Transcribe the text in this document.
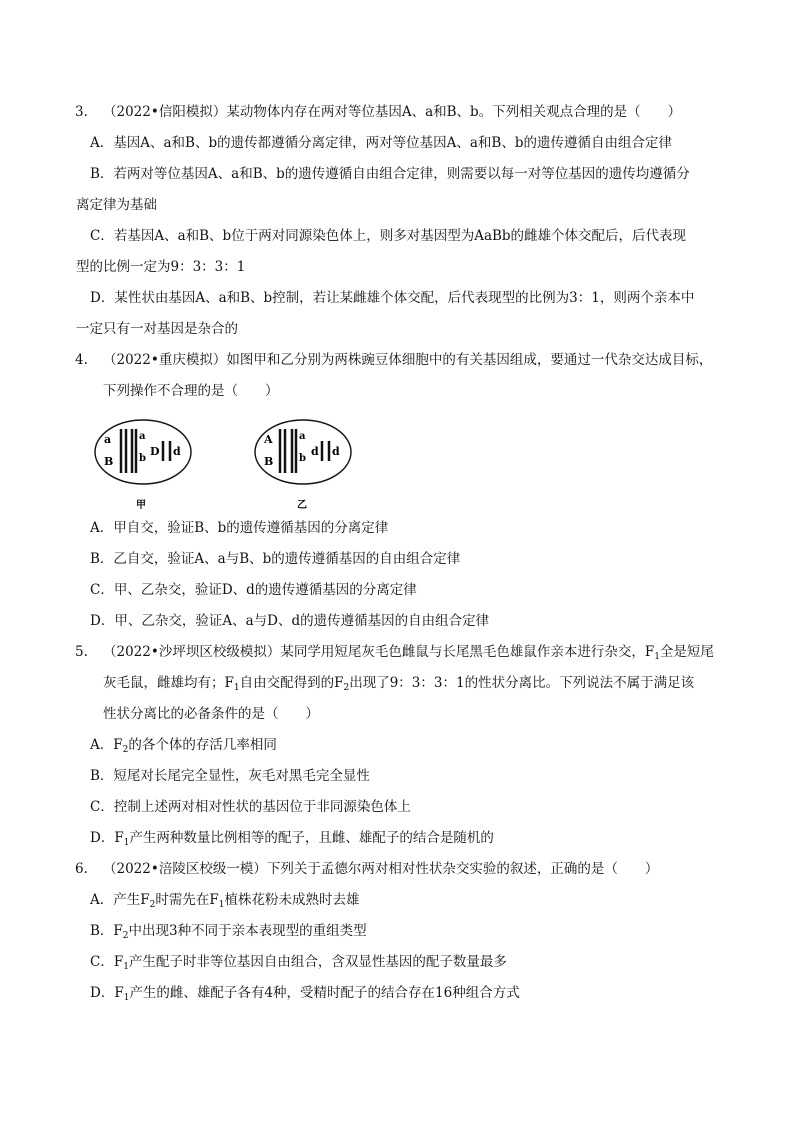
3. （2022•信阳模拟）某动物体内存在两对等位基因A、a和B、b。下列相关观点合理的是（　　）
A．基因A、a和B、b的遗传都遵循分离定律，两对等位基因A、a和B、b的遗传遵循自由组合定律
B．若两对等位基因A、a和B、b的遗传遵循自由组合定律，则需要以每一对等位基因的遗传均遵循分
离定律为基础
C．若基因A、a和B、b位于两对同源染色体上，则多对基因型为AaBb的雌雄个体交配后，后代表现
型的比例一定为9：3：3：1
D．某性状由基因A、a和B、b控制，若让某雌雄个体交配，后代表现型的比例为3：1，则两个亲本中
一定只有一对基因是杂合的
4. （2022•重庆模拟）如图甲和乙分别为两株豌豆体细胞中的有关基因组成，要通过一代杂交达成目标，
下列操作不合理的是（　　）
a
B
a
b
D d
甲
A
B
a
b
d d
乙
A．甲自交，验证B、b的遗传遵循基因的分离定律
B．乙自交，验证A、a与B、b的遗传遵循基因的自由组合定律
C．甲、乙杂交，验证D、d的遗传遵循基因的分离定律
D．甲、乙杂交，验证A、a与D、d的遗传遵循基因的自由组合定律
5. （2022•沙坪坝区校级模拟）某同学用短尾灰毛色雌鼠与长尾黑毛色雄鼠作亲本进行杂交，$F_1$全是短尾
灰毛鼠，雌雄均有；$F_1$自由交配得到的$F_2$出现了9：3：3：1的性状分离比。下列说法不属于满足该
性状分离比的必备条件的是（　　）
A．$F_2$的各个体的存活几率相同
B．短尾对长尾完全显性，灰毛对黑毛完全显性
C．控制上述两对相对性状的基因位于非同源染色体上
D．$F_1$产生两种数量比例相等的配子，且雌、雄配子的结合是随机的
6. （2022•涪陵区校级一模）下列关于孟德尔两对相对性状杂交实验的叙述，正确的是（　　）
A．产生$F_2$时需先在$F_1$植株花粉未成熟时去雄
B．$F_2$中出现3种不同于亲本表现型的重组类型
C．$F_1$产生配子时非等位基因自由组合，含双显性基因的配子数量最多
D．$F_1$产生的雌、雄配子各有4种，受精时配子的结合存在16种组合方式
